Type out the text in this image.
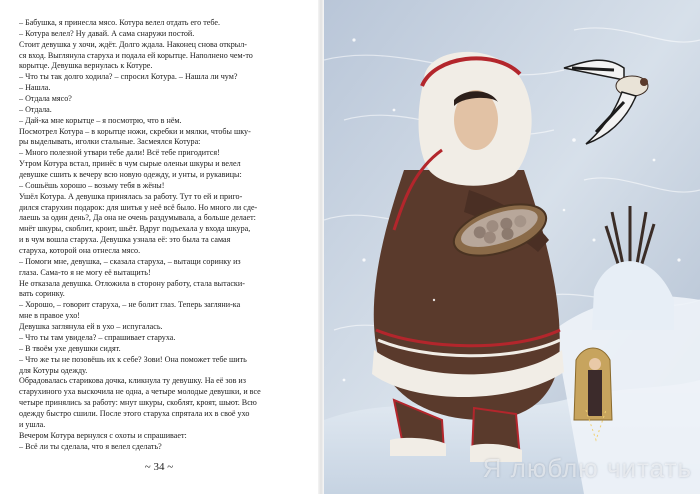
– Бабушка, я принесла мясо. Котура велел отдать его тебе.
– Котура велел? Ну давай. А сама снаружи постой.
Стоит девушка у хочи, ждёт. Долго ждала. Наконец снова открыл-
ся вход. Выглянула старуха и подала ей корытце. Наполнено чем-то
корытце. Девушка вернулась к Котуре.
– Что ты так долго ходила? – спросил Котура. – Нашла ли чум?
– Нашла.
– Отдала мясо?
– Отдала.
– Дай-ка мне корытце – я посмотрю, что в нём.
Посмотрел Котура – в корытце ножи, скребки и мялки, чтобы шку-
ры выделывать, иголки стальные. Засмеялся Котура:
– Много полезной утвари тебе дали! Всё тебе пригодится!
Утром Котура встал, принёс в чум сырые оленьи шкуры и велел
девушке сшить к вечеру всю новую одежду, и унты, и рукавицы:
– Сошьёшь хорошо – возьму тебя в жёны!
Ушёл Котура. А девушка принялась за работу. Тут то ей и приго-
дился старухин подарок: для шитья у неё всё было. Но много ли сде-
лаешь за один день?, Да она не очень раздумывала, а больше делает:
мнёт шкуры, скоблит, кроит, шьёт. Вдруг подъехала у входа шкура,
и в чум вошла старуха. Девушка узнала её: это была та самая
старуха, которой она отнесла мясо.
– Помоги мне, девушка, – сказала старуха, – вытащи соринку из
глаза. Сама-то я не могу её вытащить!
Не отказала девушка. Отложила в сторону работу, стала вытаски-
вать соринку.
– Хорошо, – говорит старуха, – не болит глаз. Теперь загляни-ка
мне в правое ухо!
Девушка заглянула ей в ухо – испугалась.
– Что ты там увидела? – спрашивает старуха.
– В твоём ухе девушки сидят.
– Что же ты не позовёшь их к себе? Зови! Она поможет тебе шить
для Котуры одежду.
Обрадовалась старикова дочка, кликнула ту девушку. На её зов из
старухиного уха выскочила не одна, а четыре молодые девушки, и все
четыре принялись за работу: мнут шкуры, скоблят, кроят, шьют. Всю
одежду быстро сшили. После этого старуха спрятала их в своё ухо
и ушла.
Вечером Котура вернулся с охоты и спрашивает:
– Всё ли ты сделала, что я велел сделать?
~ 34 ~	Я люблю читать
